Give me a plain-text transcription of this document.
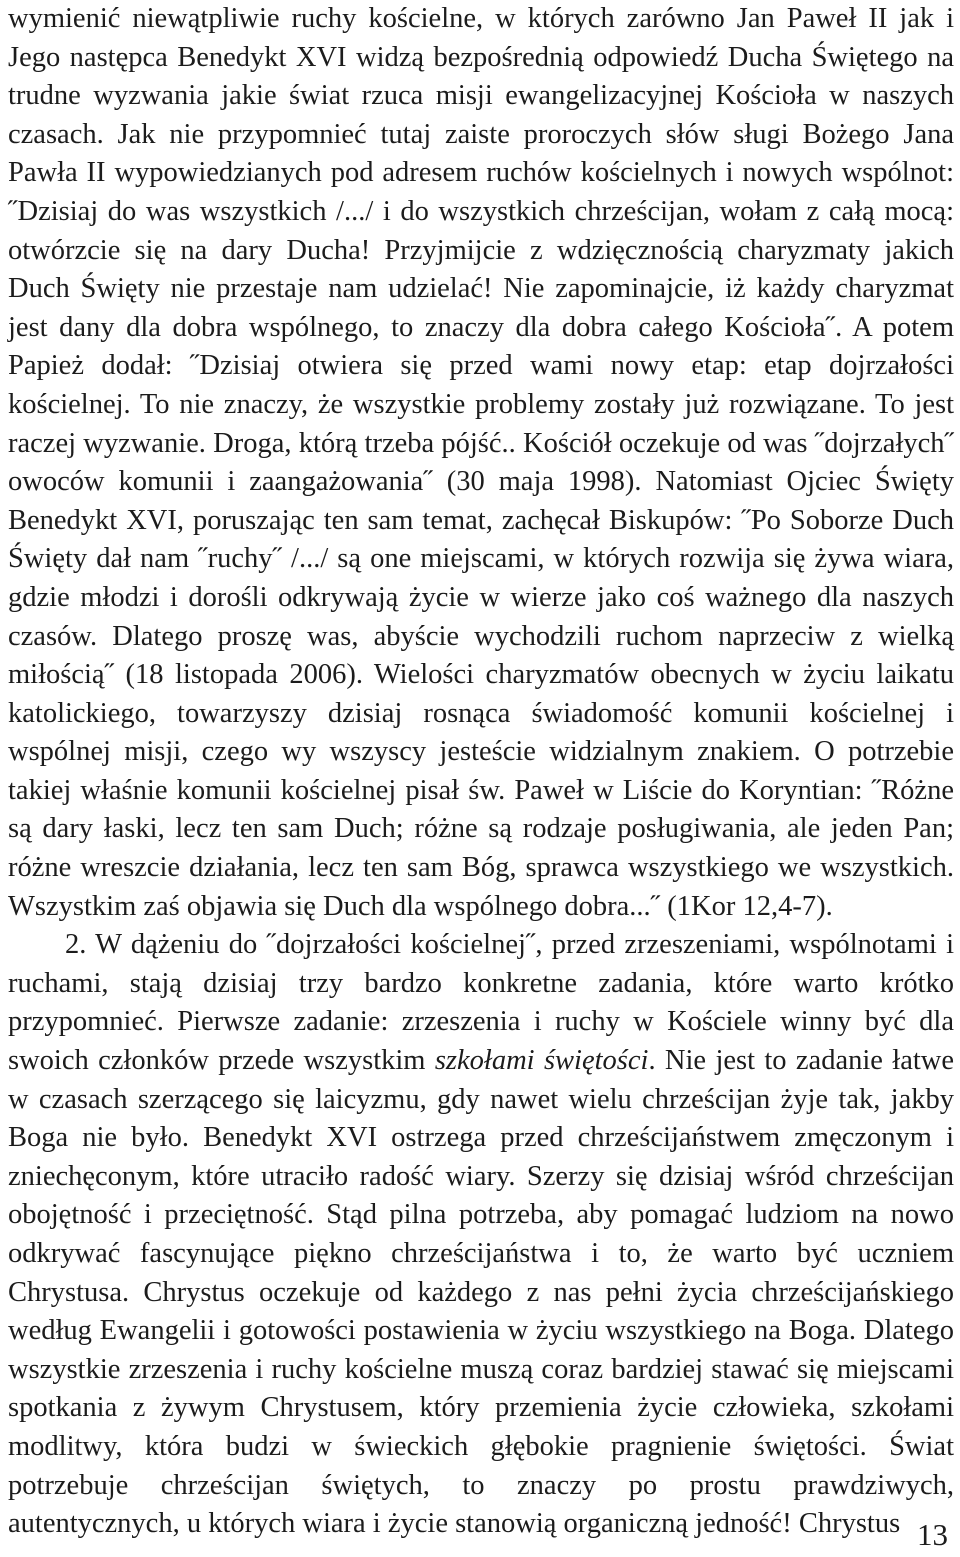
wymienić niewątpliwie ruchy kościelne, w których zarówno Jan Paweł II jak i Jego następca Benedykt XVI widzą bezpośrednią odpowiedź Ducha Świętego na trudne wyzwania jakie świat rzuca misji ewangelizacyjnej Kościoła w naszych czasach. Jak nie przypomnieć tutaj zaiste proroczych słów sługi Bożego Jana Pawła II wypowiedzianych pod adresem ruchów kościelnych i nowych wspólnot: ˝Dzisiaj do was wszystkich /.../ i do wszystkich chrześcijan, wołam z całą mocą: otwórzcie się na dary Ducha! Przyjmijcie z wdzięcznością charyzmaty jakich Duch Święty nie przestaje nam udzielać! Nie zapominajcie, iż każdy charyzmat jest dany dla dobra wspólnego, to znaczy dla dobra całego Kościoła˝. A potem Papież dodał: ˝Dzisiaj otwiera się przed wami nowy etap: etap dojrzałości kościelnej. To nie znaczy, że wszystkie problemy zostały już rozwiązane. To jest raczej wyzwanie. Droga, którą trzeba pójść.. Kościół oczekuje od was ˝dojrzałych˝ owoców komunii i zaangażowania˝ (30 maja 1998). Natomiast Ojciec Święty Benedykt XVI, poruszając ten sam temat, zachęcał Biskupów: ˝Po Soborze Duch Święty dał nam ˝ruchy˝ /.../ są one miejscami, w których rozwija się żywa wiara, gdzie młodzi i dorośli odkrywają życie w wierze jako coś ważnego dla naszych czasów. Dlatego proszę was, abyście wychodzili ruchom naprzeciw z wielką miłością˝ (18 listopada 2006). Wielości charyzmatów obecnych w życiu laikatu katolickiego, towarzyszy dzisiaj rosnąca świadomość komunii kościelnej i wspólnej misji, czego wy wszyscy jesteście widzialnym znakiem. O potrzebie takiej właśnie komunii kościelnej pisał św. Paweł w Liście do Koryntian: ˝Różne są dary łaski, lecz ten sam Duch; różne są rodzaje posługiwania, ale jeden Pan; różne wreszcie działania, lecz ten sam Bóg, sprawca wszystkiego we wszystkich. Wszystkim zaś objawia się Duch dla wspólnego dobra...˝ (1Kor 12,4-7).

2. W dążeniu do ˝dojrzałości kościelnej˝, przed zrzeszeniami, wspólnotami i ruchami, stają dzisiaj trzy bardzo konkretne zadania, które warto krótko przypomnieć. Pierwsze zadanie: zrzeszenia i ruchy w Kościele winny być dla swoich członków przede wszystkim szkołami świętości. Nie jest to zadanie łatwe w czasach szerzącego się laicyzmu, gdy nawet wielu chrześcijan żyje tak, jakby Boga nie było. Benedykt XVI ostrzega przed chrześcijaństwem zmęczonym i zniechęconym, które utraciło radość wiary. Szerzy się dzisiaj wśród chrześcijan obojętność i przeciętność. Stąd pilna potrzeba, aby pomagać ludziom na nowo odkrywać fascynujące piękno chrześcijaństwa i to, że warto być uczniem Chrystusa. Chrystus oczekuje od każdego z nas pełni życia chrześcijańskiego według Ewangelii i gotowości postawienia w życiu wszystkiego na Boga. Dlatego wszystkie zrzeszenia i ruchy kościelne muszą coraz bardziej stawać się miejscami spotkania z żywym Chrystusem, który przemienia życie człowieka, szkołami modlitwy, która budzi w świeckich głębokie pragnienie świętości. Świat potrzebuje chrześcijan świętych, to znaczy po prostu prawdziwych, autentycznych, u których wiara i życie stanowią organiczną jedność! Chrystus 13
